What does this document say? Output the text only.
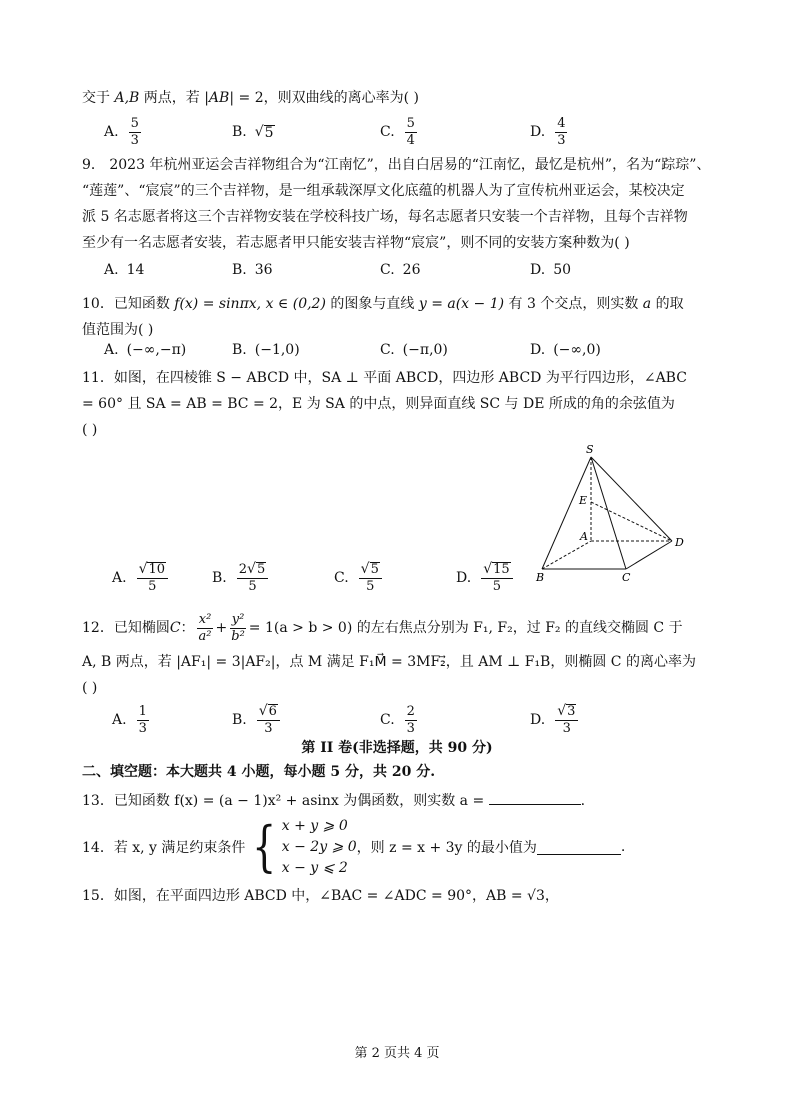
交于 A,B 两点，若 |AB| = 2，则双曲线的离心率为( )
A. $\frac{5}{3}$	B. √ 5	C. $\frac{5}{4}$	D. $\frac{4}{3}$
9． 2023 年杭州亚运会吉祥物组合为“江南忆”，出自白居易的“江南忆，最忆是杭州”，名为“踪琮”、
“莲莲”、“宸宸”的三个吉祥物，是一组承载深厚文化底蕴的机器人为了宣传杭州亚运会，某校决定
派 5 名志愿者将这三个吉祥物安装在学校科技广场，每名志愿者只安装一个吉祥物，且每个吉祥物
至少有一名志愿者安装，若志愿者甲只能安装吉祥物“宸宸”，则不同的安装方案种数为( )
A. 14	B. 36	C. 26	D. 50
10．已知函数 f(x) = sinπx, x ∈ (0,2) 的图象与直线 y = a(x − 1) 有 3 个交点，则实数 a 的取
值范围为( )
A. (−∞,−π)	B. (−1,0)	C. (−π,0)	D. (−∞,0)
11．如图，在四棱锥 S − ABCD 中，SA ⊥ 平面 ABCD，四边形 ABCD 为平行四边形，∠ABC
= 60° 且 SA = AB = BC = 2，E 为 SA 的中点，则异面直线 SC 与 DE 所成的角的余弦值为
( )
S
E
A
B	C
D
A. $\frac{√ 10}{5}$	B. $\frac{2 √ 5}{5}$	C. $\frac{√ 5}{5}$	D. $\frac{√ 15}{5}$
12．已知椭圆 C ： $\frac{\text{x²}}{\text{a²}} + \frac{\text{y²}}{\text{b²}} = 1(a > b > 0)$ 的左右焦点分别为 F₁, F₂，过 F₂ 的直线交椭圆 C 于
A, B 两点，若 |AF₁| = 3|AF₂|，点 M 满足 F₁M⃗ = 3MF₂⃗，且 AM ⊥ F₁B，则椭圆 C 的离心率为
( )
A. $\frac{1}{3}$	B. $\frac{√ 6}{3}$	C. $\frac{2}{3}$	D. $\frac{√ 3}{3}$
第 II 卷(非选择题，共 90 分)
二、填空题：本大题共 4 小题，每小题 5 分，共 20 分.
13．已知函数 f(x) = (a − 1)x² + asinx 为偶函数，则实数 a =	.
14．若 x, y 满足约束条件 { x + y ⩾ 0
x − 2y ⩾ 0
x − y ⩽ 2
，则 z = x + 3y 的最小值为	.
15．如图，在平面四边形 ABCD 中，∠BAC = ∠ADC = 90°，AB = √3，
第 2 页共 4 页
